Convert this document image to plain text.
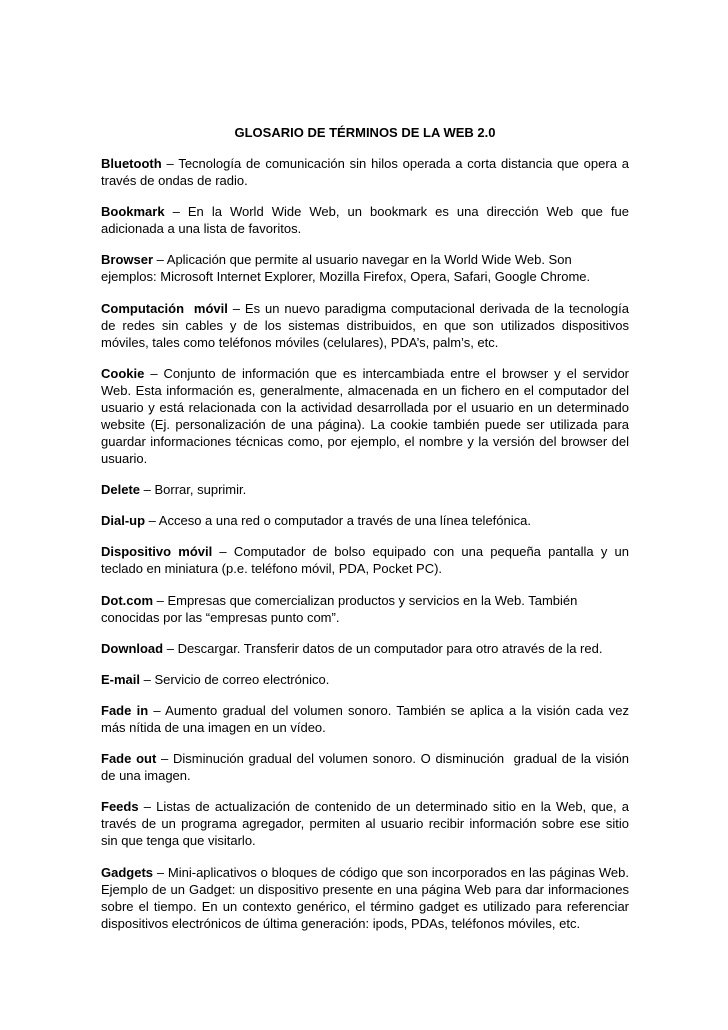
GLOSARIO DE TÉRMINOS DE LA WEB 2.0

Bluetooth – Tecnología de comunicación sin hilos operada a corta distancia que opera a través de ondas de radio.

Bookmark – En la World Wide Web, un bookmark es una dirección Web que fue adicionada a una lista de favoritos.

Browser – Aplicación que permite al usuario navegar en la World Wide Web. Son ejemplos: Microsoft Internet Explorer, Mozilla Firefox, Opera, Safari, Google Chrome.

Computación  móvil – Es un nuevo paradigma computacional derivada de la tecnología de redes sin cables y de los sistemas distribuidos, en que son utilizados dispositivos móviles, tales como teléfonos móviles (celulares), PDA’s, palm’s, etc.

Cookie – Conjunto de información que es intercambiada entre el browser y el servidor Web. Esta información es, generalmente, almacenada en un fichero en el computador del usuario y está relacionada con la actividad desarrollada por el usuario en un determinado website (Ej. personalización de una página). La cookie también puede ser utilizada para guardar informaciones técnicas como, por ejemplo, el nombre y la versión del browser del usuario.

Delete – Borrar, suprimir.

Dial-up – Acceso a una red o computador a través de una línea telefónica.

Dispositivo móvil – Computador de bolso equipado con una pequeña pantalla y un teclado en miniatura (p.e. teléfono móvil, PDA, Pocket PC).

Dot.com – Empresas que comercializan productos y servicios en la Web. También conocidas por las “empresas punto com”.

Download – Descargar. Transferir datos de un computador para otro através de la red.

E-mail – Servicio de correo electrónico.

Fade in – Aumento gradual del volumen sonoro. También se aplica a la visión cada vez más nítida de una imagen en un vídeo.

Fade out – Disminución gradual del volumen sonoro. O disminución  gradual de la visión de una imagen.

Feeds – Listas de actualización de contenido de un determinado sitio en la Web, que, a través de un programa agregador, permiten al usuario recibir información sobre ese sitio sin que tenga que visitarlo.

Gadgets – Mini-aplicativos o bloques de código que son incorporados en las páginas Web. Ejemplo de un Gadget: un dispositivo presente en una página Web para dar informaciones sobre el tiempo. En un contexto genérico, el término gadget es utilizado para referenciar dispositivos electrónicos de última generación: ipods, PDAs, teléfonos móviles, etc.
